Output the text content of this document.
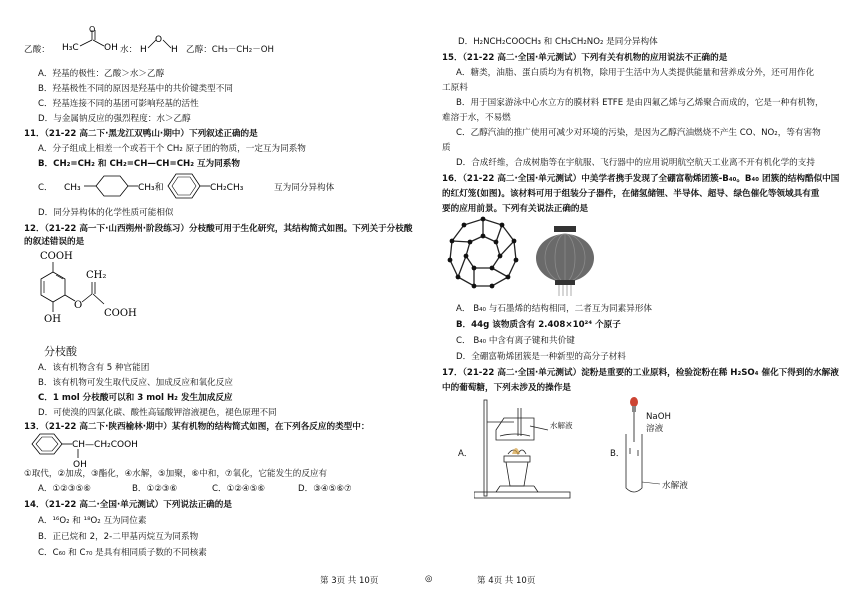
乙酸： H₃C
O
OH 水： H
O
H 乙醇：CH₃－CH₂－OH
A．羟基的极性：乙酸＞水＞乙醇
B．羟基极性不同的原因是羟基中的共价键类型不同
C．羟基连接不同的基团可影响羟基的活性
D．与金属钠反应的强烈程度：水＞乙醇
11．（21-22 高二下·黑龙江双鸭山·期中）下列叙述正确的是
A．分子组成上相差一个或若干个 CH₂ 原子团的物质，一定互为同系物
B．CH₂=CH₂ 和 CH₂=CH—CH=CH₂ 互为同系物
C． CH₃	CH₃和	CH₂CH₃	互为同分异构体
D．同分异构体的化学性质可能相似
12．（21-22 高一下·山西朔州·阶段练习）分枝酸可用于生化研究，其结构简式如图。下列关于分枝酸
的叙述错误的是
COOH
OH
O
CH₂
COOH
分枝酸
A．该有机物含有 5 种官能团
B．该有机物可发生取代反应、加成反应和氧化反应
C．1 mol 分枝酸可以和 3 mol H₂ 发生加成反应
D．可使溴的四氯化碳、酸性高锰酸钾溶液褪色，褪色原理不同
13．（21-22 高二下·陕西榆林·期中）某有机物的结构简式如图，在下列各反应的类型中：
CH—CH₂COOH
OH
①取代，②加成，③酯化，④水解，⑤加聚，⑥中和，⑦氧化，它能发生的反应有
A．①②③⑤⑥	B．①②③⑥	C．①②④⑤⑥	D．③④⑤⑥⑦
14．（21-22 高二·全国·单元测试）下列说法正确的是
A．¹⁶O₂ 和 ¹⁸O₂ 互为同位素
B．正已烷和 2，2-二甲基丙烷互为同系物
C．C₆₀ 和 C₇₀ 是具有相同质子数的不同核素
第 3页 共 10页	◎
D．H₂NCH₂COOCH₃ 和 CH₃CH₂NO₂ 是同分异构体
15．（21-22 高二·全国·单元测试）下列有关有机物的应用说法不正确的是
A．糖类，油脂、蛋白质均为有机物，除用于生活中为人类提供能量和营养成分外，还可用作化
工原料
B．用于国家游泳中心水立方的膜材料 ETFE 是由四氟乙烯与乙烯聚合而成的，它是一种有机物，
难溶于水，不易燃
C．乙醇汽油的推广使用可减少对环境的污染，是因为乙醇汽油燃烧不产生 CO、NO₂，等有害物
质
D．合成纤维，合成树脂等在宇航服、飞行器中的应用说明航空航天工业离不开有机化学的支持
16．（21-22 高二·全国·单元测试）中美学者携手发现了全硼富勒烯团簇-B₄₀。B₄₀ 团簇的结构酷似中国
的红灯笼(如图)。该材料可用于组装分子器件，在储氢储锂、半导体、超导、绿色催化等领域具有重
要的应用前景。下列有关说法正确的是
A． B₄₀ 与石墨烯的结构相同，二者互为同素异形体
B．44g 该物质含有 2.408×10²⁴ 个原子
C． B₄₀ 中含有离子键和共价键
D．全硼富勒烯团簇是一种新型的高分子材料
17．（21-22 高二·全国·单元测试）淀粉是重要的工业原料，检验淀粉在稀 H₂SO₄ 催化下得到的水解液
中的葡萄糖，下列未涉及的操作是
A．
水解液
B．
NaOH
溶液
水解液
第 4页 共 10页
